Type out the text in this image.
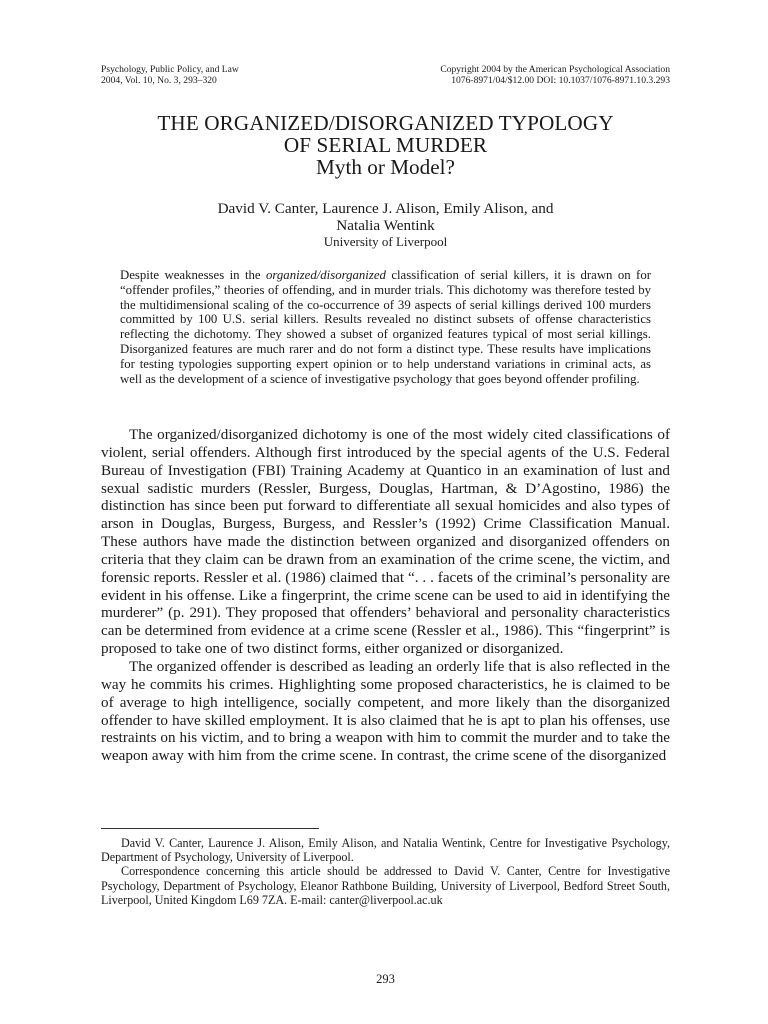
Psychology, Public Policy, and Law
2004, Vol. 10, No. 3, 293–320
Copyright 2004 by the American Psychological Association
1076-8971/04/$12.00 DOI: 10.1037/1076-8971.10.3.293
THE ORGANIZED/DISORGANIZED TYPOLOGY
OF SERIAL MURDER
Myth or Model?
David V. Canter, Laurence J. Alison, Emily Alison, and
Natalia Wentink
University of Liverpool
Despite weaknesses in the organized/disorganized classification of serial killers, it is drawn on for “offender profiles,” theories of offending, and in murder trials. This dichotomy was therefore tested by the multidimensional scaling of the co-occurrence of 39 aspects of serial killings derived 100 murders committed by 100 U.S. serial killers. Results revealed no distinct subsets of offense characteristics reflecting the dichotomy. They showed a subset of organized features typical of most serial killings. Disorganized features are much rarer and do not form a distinct type. These results have implications for testing typologies supporting expert opinion or to help understand variations in criminal acts, as well as the development of a science of investigative psychology that goes beyond offender profiling.

The organized/disorganized dichotomy is one of the most widely cited classifications of violent, serial offenders. Although first introduced by the special agents of the U.S. Federal Bureau of Investigation (FBI) Training Academy at Quantico in an examination of lust and sexual sadistic murders (Ressler, Burgess, Douglas, Hartman, & D’Agostino, 1986) the distinction has since been put forward to differentiate all sexual homicides and also types of arson in Douglas, Burgess, Burgess, and Ressler’s (1992) Crime Classification Manual. These authors have made the distinction between organized and disorganized offenders on criteria that they claim can be drawn from an examination of the crime scene, the victim, and forensic reports. Ressler et al. (1986) claimed that “. . . facets of the criminal’s personality are evident in his offense. Like a fingerprint, the crime scene can be used to aid in identifying the murderer” (p. 291). They proposed that offenders’ behavioral and personality characteristics can be determined from evidence at a crime scene (Ressler et al., 1986). This “fingerprint” is proposed to take one of two distinct forms, either organized or disorganized.

The organized offender is described as leading an orderly life that is also reflected in the way he commits his crimes. Highlighting some proposed characteristics, he is claimed to be of average to high intelligence, socially competent, and more likely than the disorganized offender to have skilled employment. It is also claimed that he is apt to plan his offenses, use restraints on his victim, and to bring a weapon with him to commit the murder and to take the weapon away with him from the crime scene. In contrast, the crime scene of the disorganized

David V. Canter, Laurence J. Alison, Emily Alison, and Natalia Wentink, Centre for Investigative Psychology, Department of Psychology, University of Liverpool.

Correspondence concerning this article should be addressed to David V. Canter, Centre for Investigative Psychology, Department of Psychology, Eleanor Rathbone Building, University of Liverpool, Bedford Street South, Liverpool, United Kingdom L69 7ZA. E-mail: canter@liverpool.ac.uk

293
